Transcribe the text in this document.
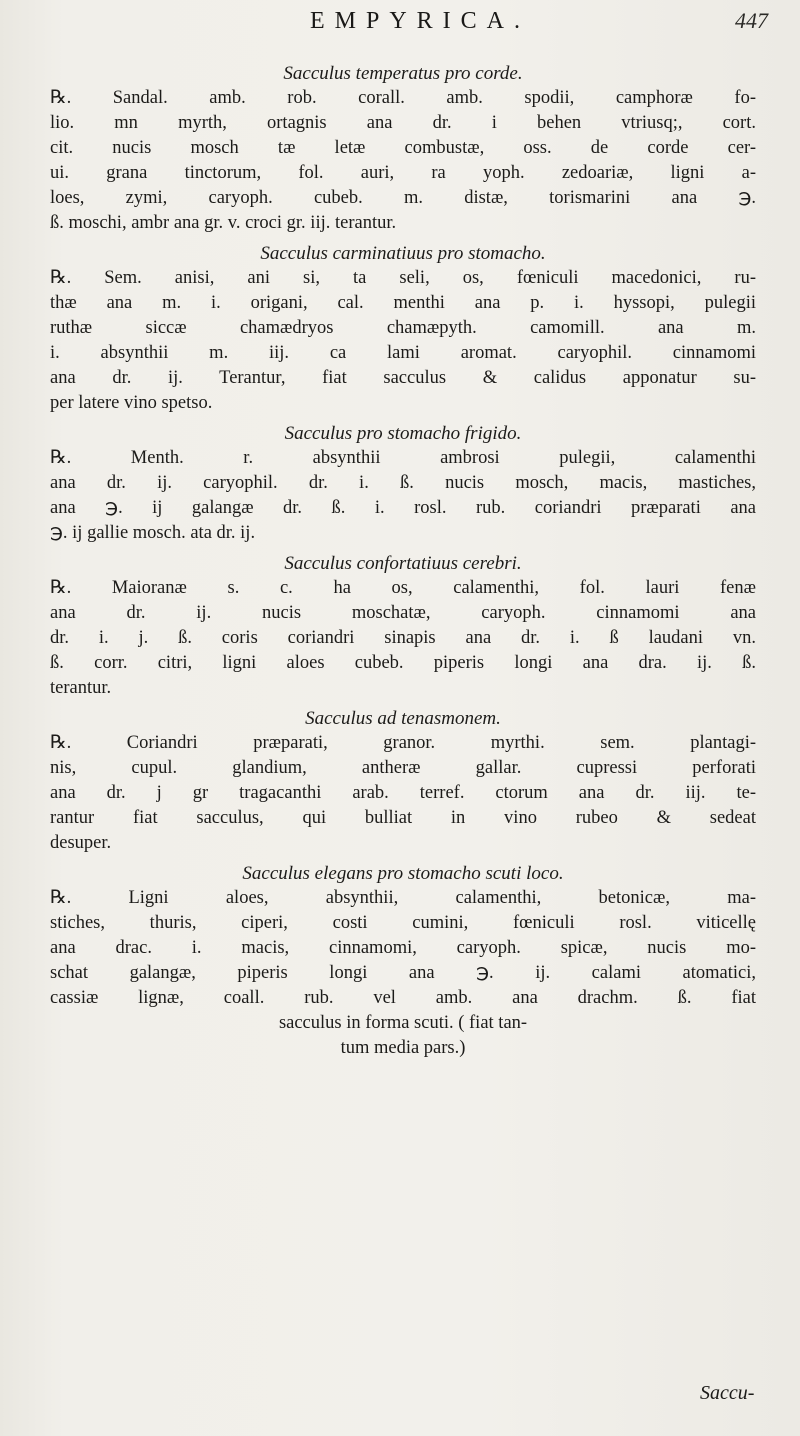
EMPYRICA.	447
Sacculus temperatus pro corde.
℞. Sandal. amb. rob. corall. amb. spodii, camphoræ fo-
lio. mn myrth, ortagnis ana dr. i behen vtriusq;, cort.
cit. nucis mosch tæ letæ combustæ, oss. de corde cer-
ui. grana tinctorum, fol. auri, ra yoph. zedoariæ, ligni a-
loes, zymi, caryoph. cubeb. m. distæ, torismarini ana ℈.
ß. moschi, ambr ana gr. v. croci gr. iij. terantur.
Sacculus carminatiuus pro stomacho.
℞. Sem. anisi, ani si, ta seli, os, fœniculi macedonici, ru-
thæ ana m. i. origani, cal. menthi ana p. i. hyssopi, pulegii
ruthæ siccæ chamædryos chamæpyth. camomill. ana m.
i. absynthii m. iij. ca lami aromat. caryophil. cinnamomi
ana dr. ij. Terantur, fiat sacculus & calidus apponatur su-
per latere vino spetso.
Sacculus pro stomacho frigido.
℞. Menth. r. absynthii ambrosi pulegii, calamenthi
ana dr. ij. caryophil. dr. i. ß. nucis mosch, macis, mastiches,
ana ℈. ij galangæ dr. ß. i. rosl. rub. coriandri præparati ana
℈. ij gallie mosch. ata dr. ij.
Sacculus confortatiuus cerebri.
℞. Maioranæ s. c. ha os, calamenthi, fol. lauri fenæ
ana dr. ij. nucis moschatæ, caryoph. cinnamomi ana
dr. i. j. ß. coris coriandri sinapis ana dr. i. ß laudani vn.
ß. corr. citri, ligni aloes cubeb. piperis longi ana dra. ij. ß.
terantur.
Sacculus ad tenasmonem.
℞. Coriandri præparati, granor. myrthi. sem. plantagi-
nis, cupul. glandium, antheræ gallar. cupressi perforati
ana dr. j gr tragacanthi arab. terref. ctorum ana dr. iij. te-
rantur fiat sacculus, qui bulliat in vino rubeo & sedeat
desuper.
Sacculus elegans pro stomacho scuti loco.
℞. Ligni aloes, absynthii, calamenthi, betonicæ, ma-
stiches, thuris, ciperi, costi cumini, fœniculi rosl. viticellę
ana drac. i. macis, cinnamomi, caryoph. spicæ, nucis mo-
schat galangæ, piperis longi ana ℈. ij. calami atomatici,
cassiæ lignæ, coall. rub. vel amb. ana drachm. ß. fiat
sacculus in forma scuti. ( fiat tan-
tum media pars.)
Saccu-
